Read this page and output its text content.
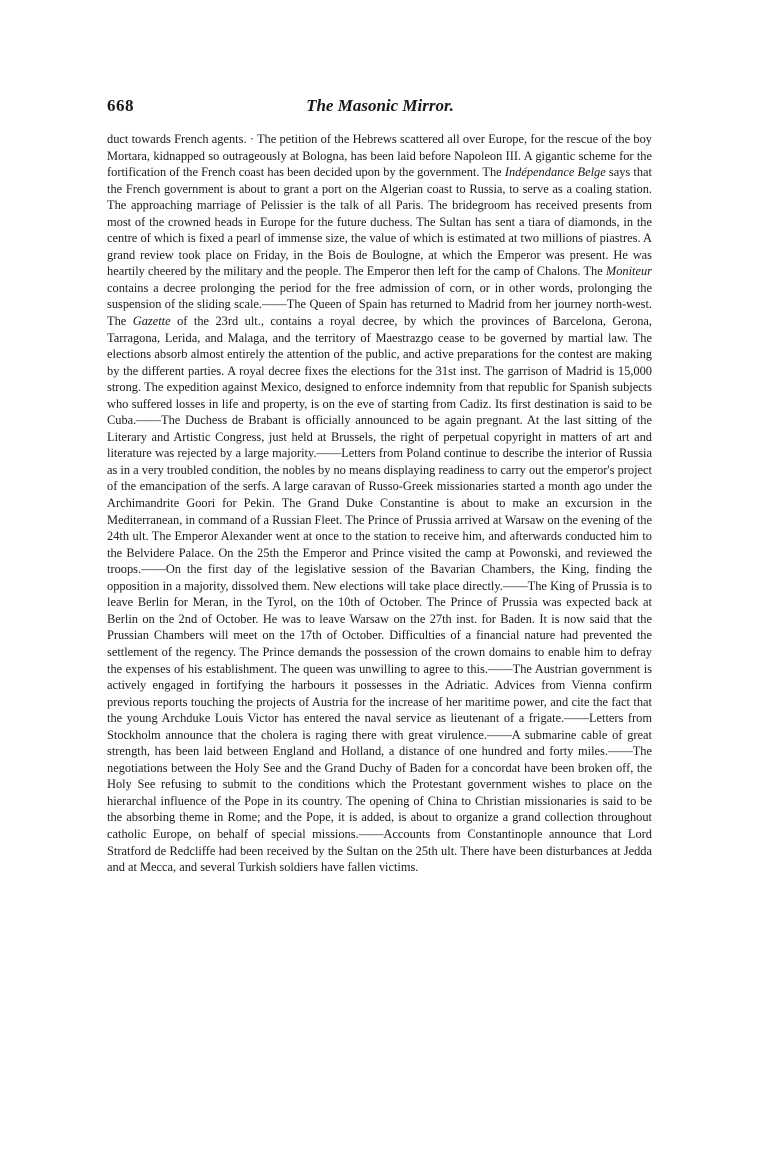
668	The Masonic Mirror.

duct towards French agents. · The petition of the Hebrews scattered all over Europe, for the rescue of the boy Mortara, kidnapped so outrageously at Bologna, has been laid before Napoleon III. A gigantic scheme for the fortification of the French coast has been decided upon by the government. The Indépendance Belge says that the French government is about to grant a port on the Algerian coast to Russia, to serve as a coaling station. The approaching marriage of Pelissier is the talk of all Paris. The bridegroom has received presents from most of the crowned heads in Europe for the future duchess. The Sultan has sent a tiara of diamonds, in the centre of which is fixed a pearl of immense size, the value of which is estimated at two millions of piastres. A grand review took place on Friday, in the Bois de Boulogne, at which the Emperor was present. He was heartily cheered by the military and the people. The Emperor then left for the camp of Chalons. The Moniteur contains a decree prolonging the period for the free admission of corn, or in other words, prolonging the suspension of the sliding scale.——The Queen of Spain has returned to Madrid from her journey north-west. The Gazette of the 23rd ult., contains a royal decree, by which the provinces of Barcelona, Gerona, Tarragona, Lerida, and Malaga, and the territory of Maestrazgo cease to be governed by martial law. The elections absorb almost entirely the attention of the public, and active preparations for the contest are making by the different parties. A royal decree fixes the elections for the 31st inst. The garrison of Madrid is 15,000 strong. The expedition against Mexico, designed to enforce indemnity from that republic for Spanish subjects who suffered losses in life and property, is on the eve of starting from Cadiz. Its first destination is said to be Cuba.——The Duchess de Brabant is officially announced to be again pregnant. At the last sitting of the Literary and Artistic Congress, just held at Brussels, the right of perpetual copyright in matters of art and literature was rejected by a large majority.——Letters from Poland continue to describe the interior of Russia as in a very troubled condition, the nobles by no means displaying readiness to carry out the emperor's project of the emancipation of the serfs. A large caravan of Russo-Greek missionaries started a month ago under the Archimandrite Goori for Pekin. The Grand Duke Constantine is about to make an excursion in the Mediterranean, in command of a Russian Fleet. The Prince of Prussia arrived at Warsaw on the evening of the 24th ult. The Emperor Alexander went at once to the station to receive him, and afterwards conducted him to the Belvidere Palace. On the 25th the Emperor and Prince visited the camp at Powonski, and reviewed the troops.——On the first day of the legislative session of the Bavarian Chambers, the King, finding the opposition in a majority, dissolved them. New elections will take place directly.——The King of Prussia is to leave Berlin for Meran, in the Tyrol, on the 10th of October. The Prince of Prussia was expected back at Berlin on the 2nd of October. He was to leave Warsaw on the 27th inst. for Baden. It is now said that the Prussian Chambers will meet on the 17th of October. Difficulties of a financial nature had prevented the settlement of the regency. The Prince demands the possession of the crown domains to enable him to defray the expenses of his establishment. The queen was unwilling to agree to this.——The Austrian government is actively engaged in fortifying the harbours it possesses in the Adriatic. Advices from Vienna confirm previous reports touching the projects of Austria for the increase of her maritime power, and cite the fact that the young Archduke Louis Victor has entered the naval service as lieutenant of a frigate.——Letters from Stockholm announce that the cholera is raging there with great virulence.——A submarine cable of great strength, has been laid between England and Holland, a distance of one hundred and forty miles.——The negotiations between the Holy See and the Grand Duchy of Baden for a concordat have been broken off, the Holy See refusing to submit to the conditions which the Protestant government wishes to place on the hierarchal influence of the Pope in its country. The opening of China to Christian missionaries is said to be the absorbing theme in Rome; and the Pope, it is added, is about to organize a grand collection throughout catholic Europe, on behalf of special missions.——Accounts from Constantinople announce that Lord Stratford de Redcliffe had been received by the Sultan on the 25th ult. There have been disturbances at Jedda and at Mecca, and several Turkish soldiers have fallen victims.
